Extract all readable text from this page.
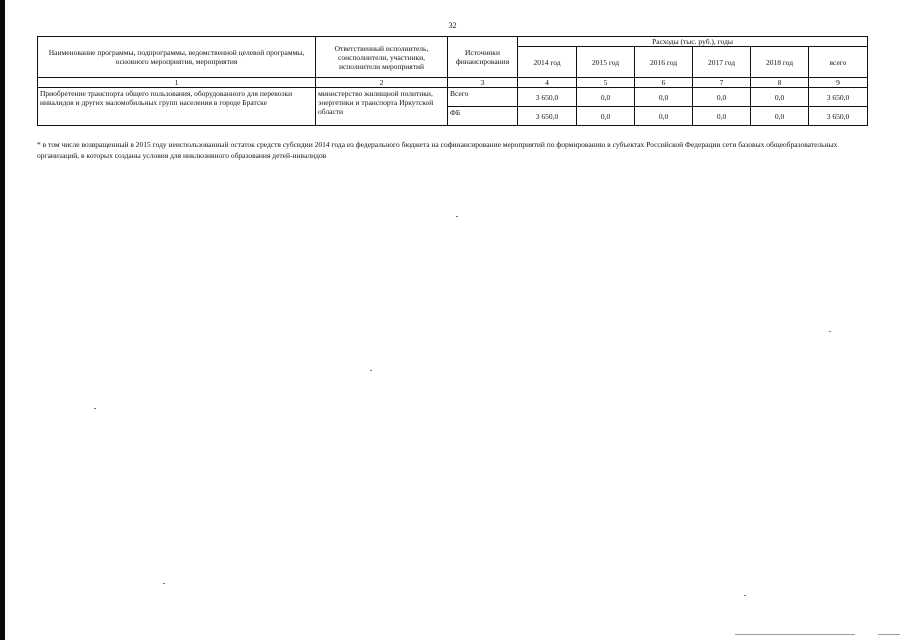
32
Наименование программы, подпрограммы, ведомственной целевой программы, основного мероприятия, мероприятия	Ответственный исполнитель, соисполнители, участники, исполнители мероприятий	Источники финансирования	Расходы (тыс. руб.), годы					
			2014 год	2015 год	2016 год	2017 год	2018 год	всего
1	2	3	4	5	6	7	8	9
Приобретение транспорта общего пользования, оборудованного для перевозки инвалидов и других маломобильных групп населения в городе Братске	министерство жилищной политики, энергетики и транспорта Иркутской области	Всего	3 650,0	0,0	0,0	0,0	0,0	3 650,0
		ФБ	3 650,0	0,0	0,0	0,0	0,0	3 650,0
* в том числе возвращенный в 2015 году неиспользованный остаток средств субсидии 2014 года из федерального бюджета на софинансирование мероприятий по формированию в субъектах Российской Федерации сети базовых общеобразовательных организаций, в которых созданы условия для инклюзивного образования детей-инвалидов
